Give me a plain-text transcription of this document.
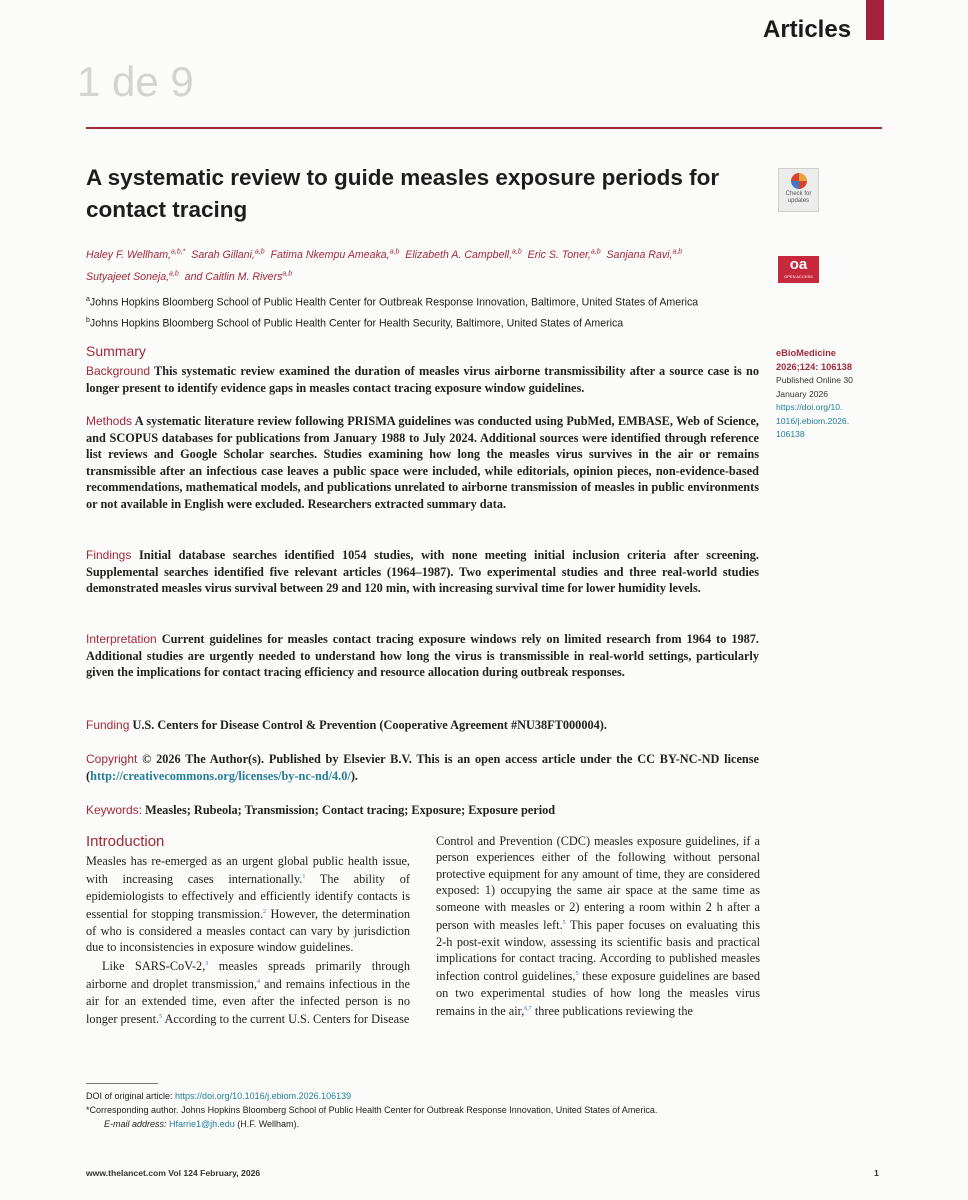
Articles
1 de 9
A systematic review to guide measles exposure periods for contact tracing
Haley F. Wellham,$^{a,b,*}$ Sarah Gillani,$^{a,b}$ Fatima Nkempu Ameaka,$^{a,b}$ Elizabeth A. Campbell,$^{a,b}$ Eric S. Toner,$^{a,b}$ Sanjana Ravi,$^{a,b}$
Sutyajeet Soneja,$^{a,b}$ and Caitlin M. Rivers$^{a,b}$
$^a$Johns Hopkins Bloomberg School of Public Health Center for Outbreak Response Innovation, Baltimore, United States of America
$^b$Johns Hopkins Bloomberg School of Public Health Center for Health Security, Baltimore, United States of America
Check for updates
oa
OPEN ACCESS
eBioMedicine
2026;124: 106138
Published Online 30
January 2026
https://doi.org/10.
1016/j.ebiom.2026.
106138
Summary
Background This systematic review examined the duration of measles virus airborne transmissibility after a source case is no longer present to identify evidence gaps in measles contact tracing exposure window guidelines.
Methods A systematic literature review following PRISMA guidelines was conducted using PubMed, EMBASE, Web of Science, and SCOPUS databases for publications from January 1988 to July 2024. Additional sources were identified through reference list reviews and Google Scholar searches. Studies examining how long the measles virus survives in the air or remains transmissible after an infectious case leaves a public space were included, while editorials, opinion pieces, non-evidence-based recommendations, mathematical models, and publications unrelated to airborne transmission of measles in public environments or not available in English were excluded. Researchers extracted summary data.
Findings Initial database searches identified 1054 studies, with none meeting initial inclusion criteria after screening. Supplemental searches identified five relevant articles (1964–1987). Two experimental studies and three real-world studies demonstrated measles virus survival between 29 and 120 min, with increasing survival time for lower humidity levels.
Interpretation Current guidelines for measles contact tracing exposure windows rely on limited research from 1964 to 1987. Additional studies are urgently needed to understand how long the virus is transmissible in real-world settings, particularly given the implications for contact tracing efficiency and resource allocation during outbreak responses.
Funding U.S. Centers for Disease Control & Prevention (Cooperative Agreement #NU38FT000004).
Copyright © 2026 The Author(s). Published by Elsevier B.V. This is an open access article under the CC BY-NC-ND license (http://creativecommons.org/licenses/by-nc-nd/4.0/).
Keywords: Measles; Rubeola; Transmission; Contact tracing; Exposure; Exposure period
Introduction

Measles has re-emerged as an urgent global public health issue, with increasing cases internationally.$^1$ The ability of epidemiologists to effectively and efficiently identify contacts is essential for stopping transmission.$^2$ However, the determination of who is considered a measles contact can vary by jurisdiction due to inconsistencies in exposure window guidelines.

Like SARS-CoV-2,$^3$ measles spreads primarily through airborne and droplet transmission,$^4$ and remains infectious in the air for an extended time, even after the infected person is no longer present.$^5$ According to the current U.S. Centers for Disease

Control and Prevention (CDC) measles exposure guidelines, if a person experiences either of the following without personal protective equipment for any amount of time, they are considered exposed: 1) occupying the same air space at the same time as someone with measles or 2) entering a room within 2 h after a person with measles left.$^5$ This paper focuses on evaluating this 2-h post-exit window, assessing its scientific basis and practical implications for contact tracing. According to published measles infection control guidelines,$^5$ these exposure guidelines are based on two experimental studies of how long the measles virus remains in the air,$^{6,7}$ three publications reviewing the

DOI of original article: https://doi.org/10.1016/j.ebiom.2026.106139
*Corresponding author. Johns Hopkins Bloomberg School of Public Health Center for Outbreak Response Innovation, United States of America.
E-mail address: Hfarrie1@jh.edu (H.F. Wellham).
www.thelancet.com Vol 124 February, 2026	1
